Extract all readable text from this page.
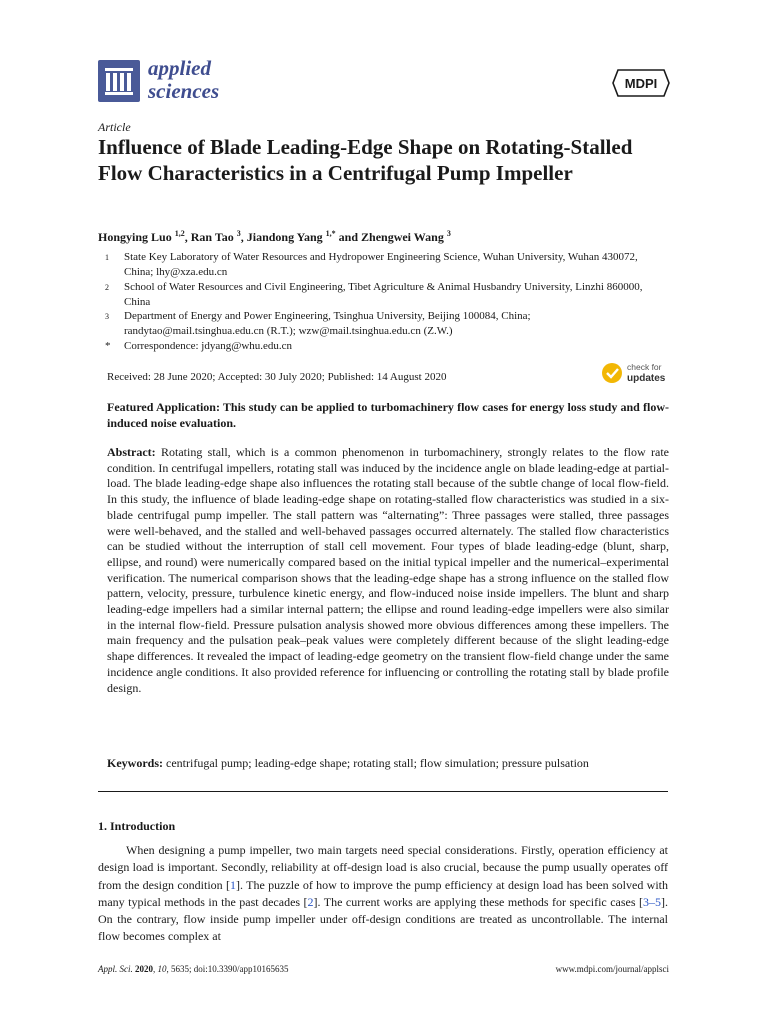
applied
sciences	MDPI
Article
Influence of Blade Leading-Edge Shape on Rotating-Stalled Flow Characteristics in a Centrifugal Pump Impeller
Hongying Luo $^{1,2}$, Ran Tao $^3$, Jiandong Yang $^{1,*}$ and Zhengwei Wang $^3$
1 State Key Laboratory of Water Resources and Hydropower Engineering Science, Wuhan University, Wuhan 430072, China; lhy@xza.edu.cn
2 School of Water Resources and Civil Engineering, Tibet Agriculture & Animal Husbandry University, Linzhi 860000, China
3 Department of Energy and Power Engineering, Tsinghua University, Beijing 100084, China; randytao@mail.tsinghua.edu.cn (R.T.); wzw@mail.tsinghua.edu.cn (Z.W.)
* Correspondence: jdyang@whu.edu.cn
Received: 28 June 2020; Accepted: 30 July 2020; Published: 14 August 2020
check for
updates
Featured Application: This study can be applied to turbomachinery flow cases for energy loss study and flow-induced noise evaluation.
Abstract: Rotating stall, which is a common phenomenon in turbomachinery, strongly relates to the flow rate condition. In centrifugal impellers, rotating stall was induced by the incidence angle on blade leading-edge at partial-load. The blade leading-edge shape also influences the rotating stall because of the subtle change of local flow-field. In this study, the influence of blade leading-edge shape on rotating-stalled flow characteristics was studied in a six-blade centrifugal pump impeller. The stall pattern was “alternating”: Three passages were stalled, three passages were well-behaved, and the stalled and well-behaved passages occurred alternately. The stalled flow characteristics can be studied without the interruption of stall cell movement. Four types of blade leading-edge (blunt, sharp, ellipse, and round) were numerically compared based on the initial typical impeller and the numerical–experimental verification. The numerical comparison shows that the leading-edge shape has a strong influence on the stalled flow pattern, velocity, pressure, turbulence kinetic energy, and flow-induced noise inside impellers. The blunt and sharp leading-edge impellers had a similar internal pattern; the ellipse and round leading-edge impellers were also similar in the internal flow-field. Pressure pulsation analysis showed more obvious differences among these impellers. The main frequency and the pulsation peak–peak values were completely different because of the slight leading-edge shape differences. It revealed the impact of leading-edge geometry on the transient flow-field change under the same incidence angle conditions. It also provided reference for influencing or controlling the rotating stall by blade profile design.
Keywords: centrifugal pump; leading-edge shape; rotating stall; flow simulation; pressure pulsation
1. Introduction
When designing a pump impeller, two main targets need special considerations. Firstly, operation efficiency at design load is important. Secondly, reliability at off-design load is also crucial, because the pump usually operates off from the design condition [1]. The puzzle of how to improve the pump efficiency at design load has been solved with many typical methods in the past decades [2]. The current works are applying these methods for specific cases [3–5]. On the contrary, flow inside pump impeller under off-design conditions are treated as uncontrollable. The internal flow becomes complex at
Appl. Sci. 2020, 10, 5635; doi:10.3390/app10165635	www.mdpi.com/journal/applsci
